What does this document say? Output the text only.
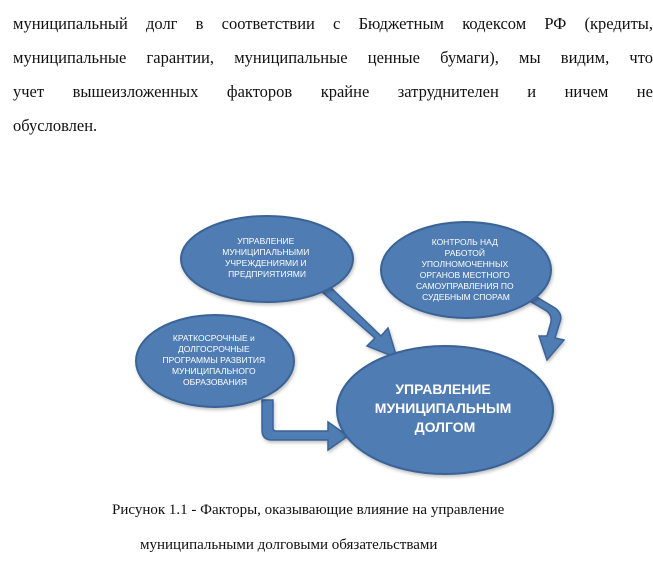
муниципальный долг в соответствии с Бюджетным кодексом РФ (кредиты,
муниципальные гарантии, муниципальные ценные бумаги), мы видим, что
учет вышеизложенных факторов крайне затруднителен и ничем не
обусловлен.
УПРАВЛЕНИЕ МУНИЦИПАЛЬНЫМИ УЧРЕЖДЕНИЯМИ И ПРЕДПРИЯТИЯМИ
КОНТРОЛЬ НАД РАБОТОЙ УПОЛНОМОЧЕННЫХ ОРГАНОВ МЕСТНОГО САМОУПРАВЛЕНИЯ ПО СУДЕБНЫМ СПОРАМ
КРАТКОСРОЧНЫЕ и ДОЛГОСРОЧНЫЕ ПРОГРАММЫ РАЗВИТИЯ МУНИЦИПАЛЬНОГО ОБРАЗОВАНИЯ	УПРАВЛЕНИЕ МУНИЦИПАЛЬНЫМ ДОЛГОМ
Рисунок 1.1 - Факторы, оказывающие влияние на управление
муниципальными долговыми обязательствами
